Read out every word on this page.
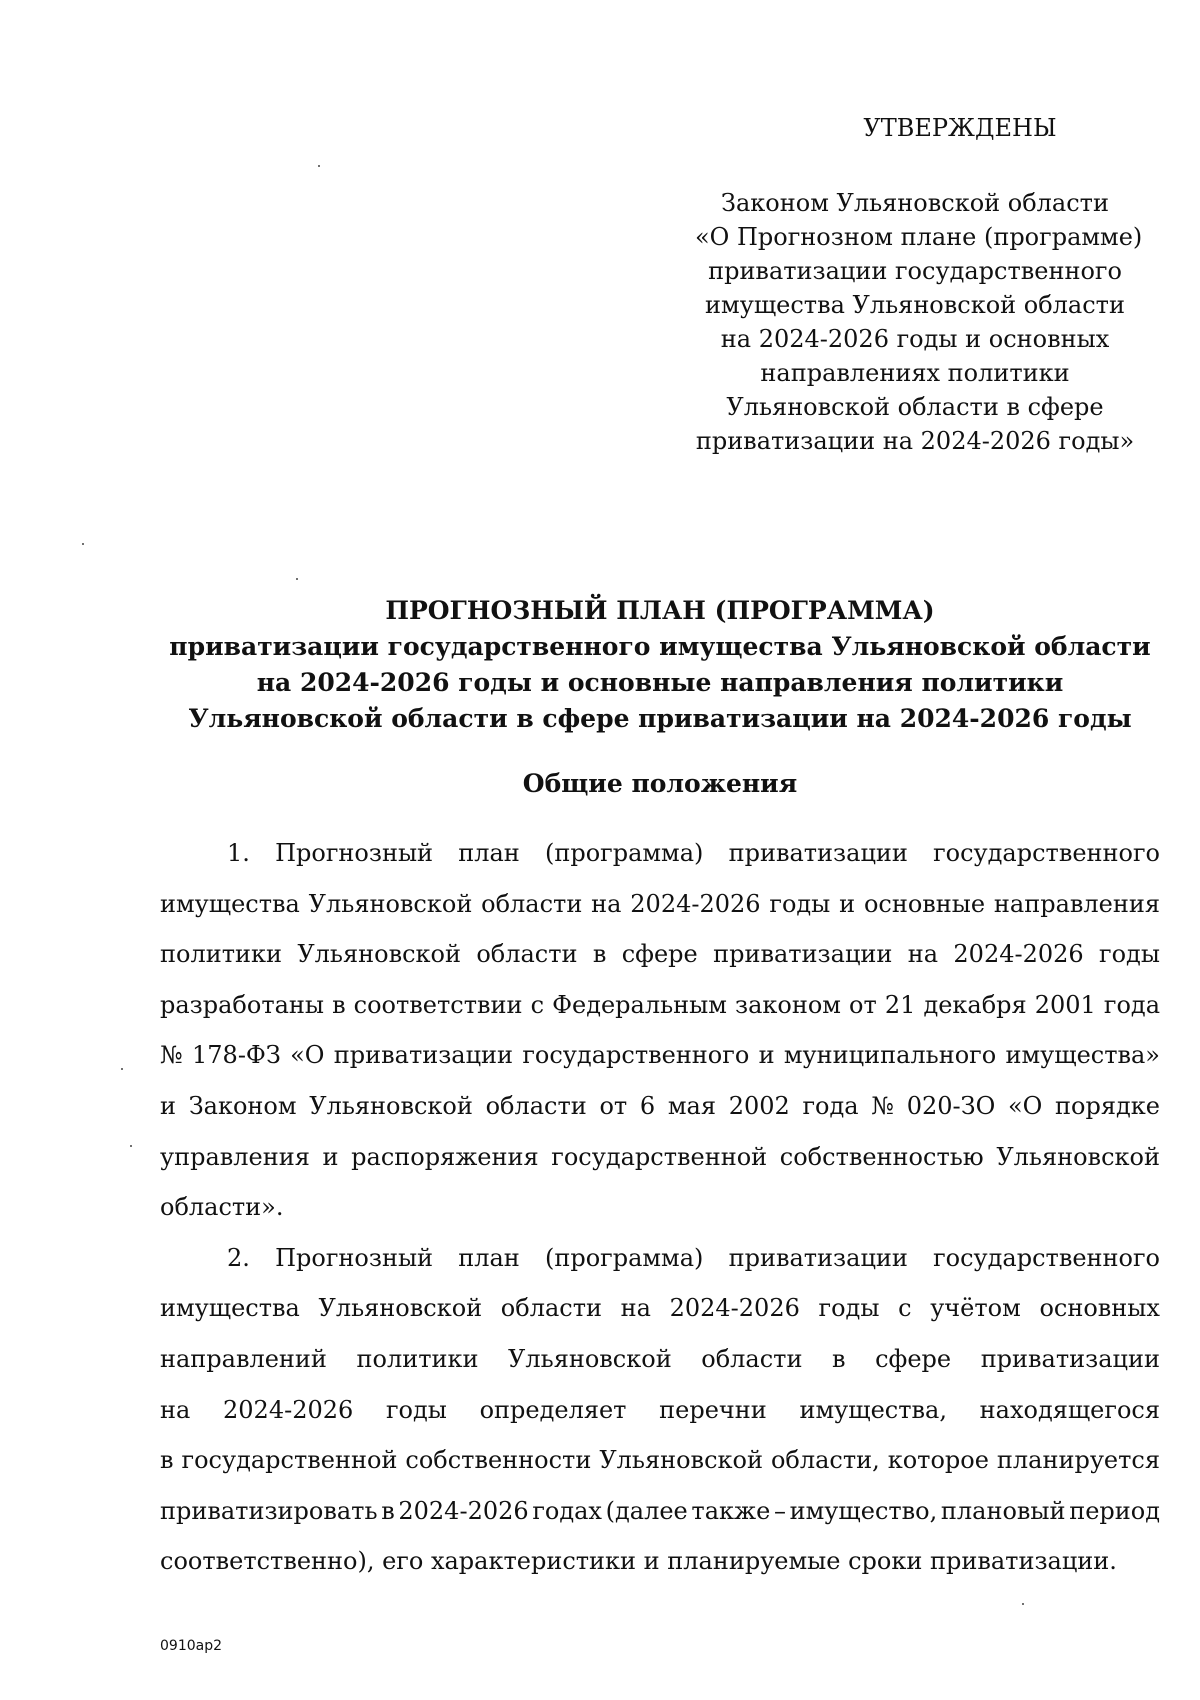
УТВЕРЖДЕНЫ
Законом Ульяновской области
«О Прогнозном плане (программе)
приватизации государственного
имущества Ульяновской области
на 2024-2026 годы и основных
направлениях политики
Ульяновской области в сфере
приватизации на 2024-2026 годы»
ПРОГНОЗНЫЙ ПЛАН (ПРОГРАММА)
приватизации государственного имущества Ульяновской области
на 2024-2026 годы и основные направления политики
Ульяновской области в сфере приватизации на 2024-2026 годы
Общие положения
1. Прогнозный план (программа) приватизации государственного
имущества Ульяновской области на 2024-2026 годы и основные направления
политики Ульяновской области в сфере приватизации на 2024-2026 годы
разработаны в соответствии с Федеральным законом от 21 декабря 2001 года
№ 178-ФЗ «О приватизации государственного и муниципального имущества»
и Законом Ульяновской области от 6 мая 2002 года № 020-ЗО «О порядке
управления и распоряжения государственной собственностью Ульяновской
области».
2. Прогнозный план (программа) приватизации государственного
имущества Ульяновской области на 2024-2026 годы с учётом основных
направлений политики Ульяновской области в сфере приватизации
на 2024-2026 годы определяет перечни имущества, находящегося
в государственной собственности Ульяновской области, которое планируется
приватизировать в 2024-2026 годах (далее также – имущество, плановый период
соответственно), его характеристики и планируемые сроки приватизации.
0910ap2
